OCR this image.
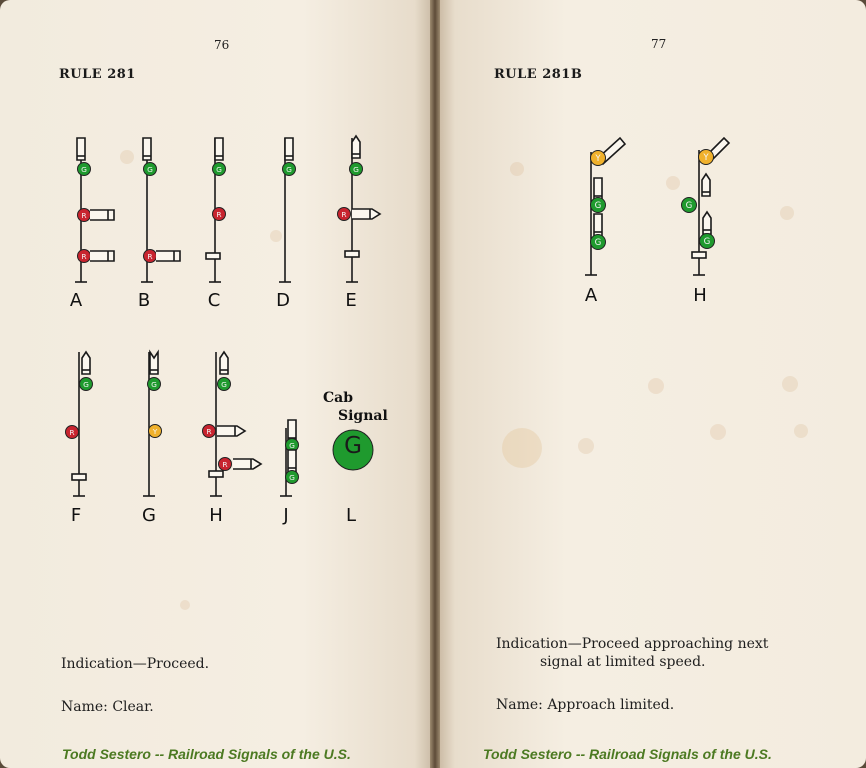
76
RULE 281
A	B	C	D	E
F	G	H	J	L
Cab
Signal
Indication—Proceed.
Name: Clear.
Todd Sestero -- Railroad Signals of the U.S.
77
RULE 281B
A	H
Indication—Proceed approaching next
signal at limited speed.
Name: Approach limited.
Todd Sestero -- Railroad Signals of the U.S.
G
R
R
G
R
G
R
G	G
R
G
R
G
Y
G
R
R
G
G
G
Y
G
G
Y
G
G
